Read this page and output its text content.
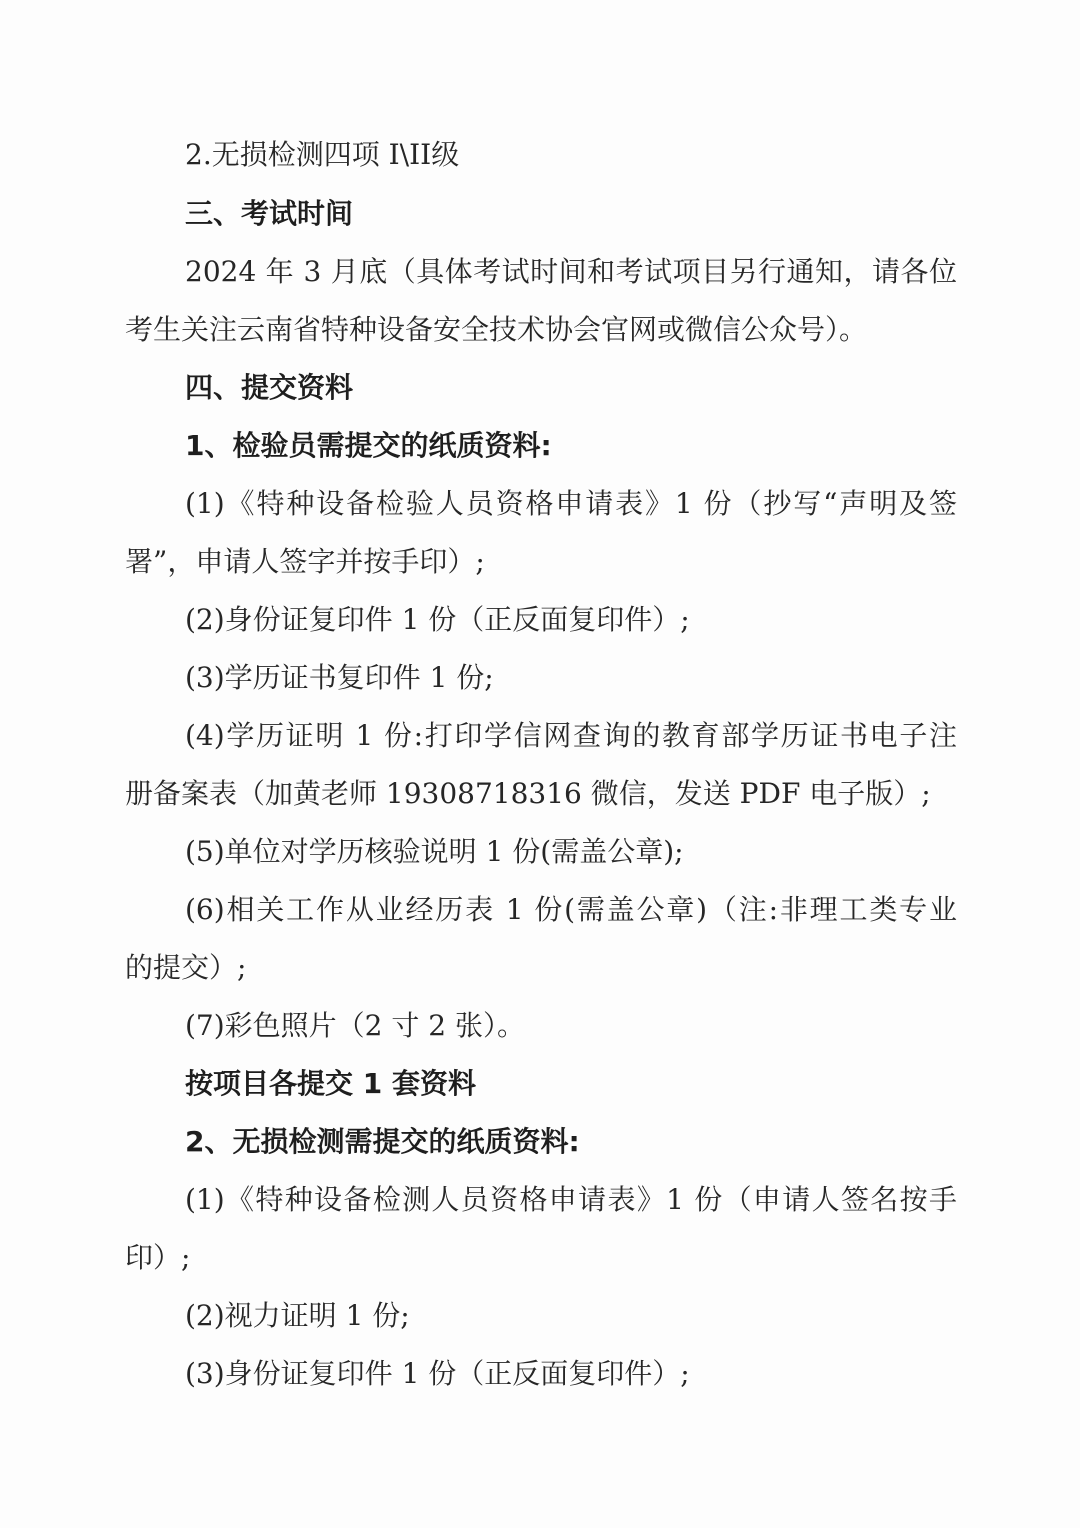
2.无损检测四项 I\II级
三、考试时间
2024 年 3 月底（具体考试时间和考试项目另行通知，请各位
考生关注云南省特种设备安全技术协会官网或微信公众号）。
四、提交资料
1、检验员需提交的纸质资料:
(1)《特种设备检验人员资格申请表》1 份（抄写“声明及签
署”，申请人签字并按手印）;
(2)身份证复印件 1 份（正反面复印件）;
(3)学历证书复印件 1 份;
(4)学历证明 1 份:打印学信网查询的教育部学历证书电子注
册备案表（加黄老师 19308718316 微信，发送 PDF 电子版）;
(5)单位对学历核验说明 1 份(需盖公章);
(6)相关工作从业经历表 1 份(需盖公章)（注:非理工类专业
的提交）;
(7)彩色照片（2 寸 2 张）。
按项目各提交 1 套资料
2、无损检测需提交的纸质资料:
(1)《特种设备检测人员资格申请表》1 份（申请人签名按手
印）;
(2)视力证明 1 份;
(3)身份证复印件 1 份（正反面复印件）;
